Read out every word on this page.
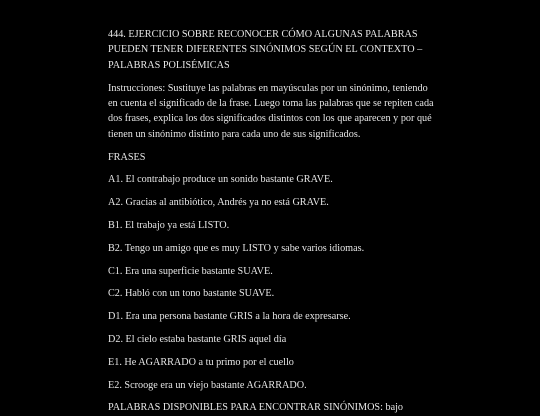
444. EJERCICIO SOBRE RECONOCER CÓMO ALGUNAS PALABRAS PUEDEN TENER DIFERENTES SINÓNIMOS SEGÚN EL CONTEXTO – PALABRAS POLISÉMICAS

Instrucciones: Sustituye las palabras en mayúsculas por un sinónimo, teniendo en cuenta el significado de la frase. Luego toma las palabras que se repiten cada dos frases, explica los dos significados distintos con los que aparecen y por qué tienen un sinónimo distinto para cada uno de sus significados.

FRASES

A1. El contrabajo produce un sonido bastante GRAVE.

A2. Gracias al antibiótico, Andrés ya no está GRAVE.

B1. El trabajo ya está LISTO.

B2. Tengo un amigo que es muy LISTO y sabe varios idiomas.

C1. Era una superficie bastante SUAVE.

C2. Habló con un tono bastante SUAVE.

D1. Era una persona bastante GRIS a la hora de expresarse.

D2. El cielo estaba bastante GRIS aquel día

E1. He AGARRADO a tu primo por el cuello

E2. Scrooge era un viejo bastante AGARRADO.

PALABRAS DISPONIBLES PARA ENCONTRAR SINÓNIMOS: bajo
